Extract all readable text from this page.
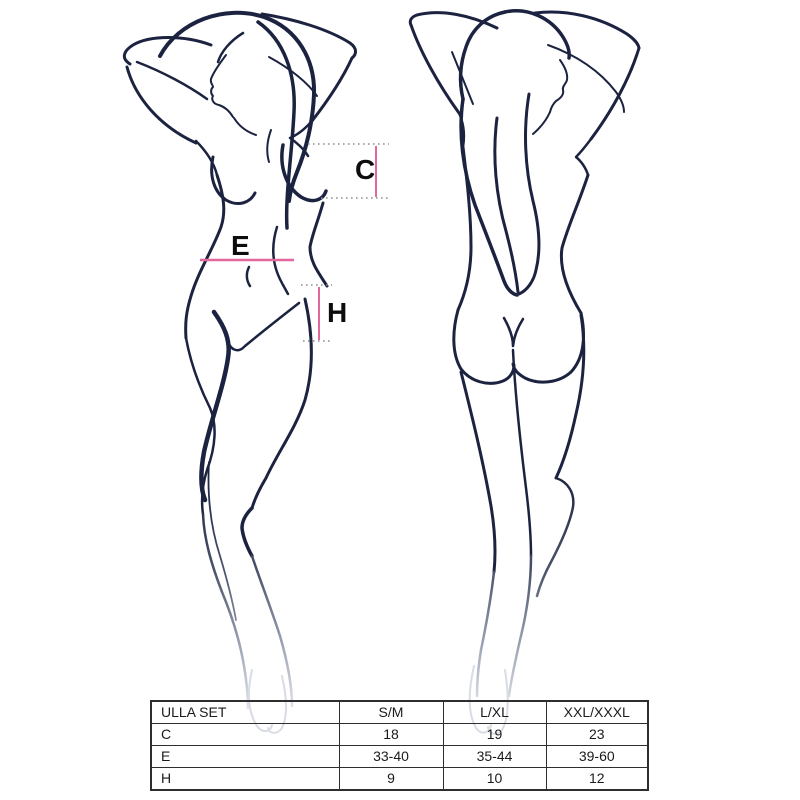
C
E
H
ULLA SET	S/M	L/XL	XXL/XXXL
C	18	19	23
E	33-40	35-44	39-60
H	9	10	12
